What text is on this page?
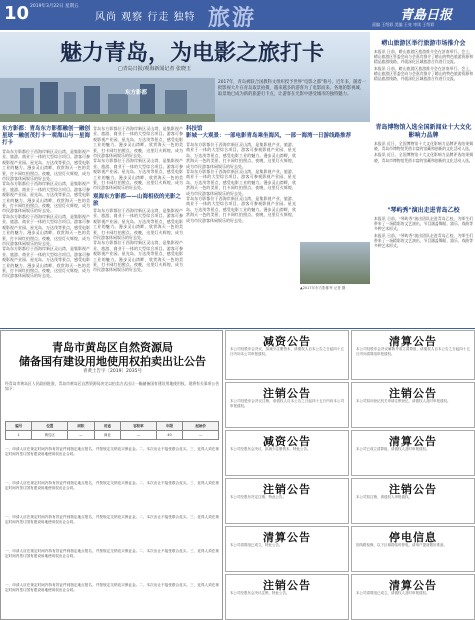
10 2019年3月22日 星期五
风尚 观察 行走 独特 旅游	青島日报
责编 王绍彩 美编 王亮 审读 王绍彩
魅力青岛，为电影之旅打卡
□青岛日报/观海新闻记者 张晓玉
东方影都

2017年，青岛被联合国教科文组织授予世界"电影之都"称号。近年来，随着一批影视大片在青岛取景拍摄，越来越多的游客为了电影而来。各地的影视城、取景地已成为新的旅游打卡点，让游客在光影中感受城市的独特魅力。

东方影都：青岛东方影都融创一融创星球一融创茂打卡一观海山与一星海打卡

青岛东方影都位于西海岸新区灵山湾，是集影视产业、旅游、商业于一体的大型综合项目。游客可参观影视产业园、星光岛、万达茂等景点，感受电影工业的魅力。漫步灵山湾畔，欣赏海天一色的美景，打卡网红拍照点。夜晚，这里灯火辉煌，成为市民游客休闲娱乐的好去处。

青岛东方影都位于西海岸新区灵山湾，是集影视产业、旅游、商业于一体的大型综合项目。游客可参观影视产业园、星光岛、万达茂等景点，感受电影工业的魅力。漫步灵山湾畔，欣赏海天一色的美景，打卡网红拍照点。夜晚，这里灯火辉煌，成为市民游客休闲娱乐的好去处。

青岛东方影都位于西海岸新区灵山湾，是集影视产业、旅游、商业于一体的大型综合项目。游客可参观影视产业园、星光岛、万达茂等景点，感受电影工业的魅力。漫步灵山湾畔，欣赏海天一色的美景，打卡网红拍照点。夜晚，这里灯火辉煌，成为市民游客休闲娱乐的好去处。

青岛东方影都位于西海岸新区灵山湾，是集影视产业、旅游、商业于一体的大型综合项目。游客可参观影视产业园、星光岛、万达茂等景点，感受电影工业的魅力。漫步灵山湾畔，欣赏海天一色的美景，打卡网红拍照点。夜晚，这里灯火辉煌，成为市民游客休闲娱乐的好去处。

青岛东方影都位于西海岸新区灵山湾，是集影视产业、旅游、商业于一体的大型综合项目。游客可参观影视产业园、星光岛、万达茂等景点，感受电影工业的魅力。漫步灵山湾畔，欣赏海天一色的美景，打卡网红拍照点。夜晚，这里灯火辉煌，成为市民游客休闲娱乐的好去处。

青岛东方影都位于西海岸新区灵山湾，是集影视产业、旅游、商业于一体的大型综合项目。游客可参观影视产业园、星光岛、万达茂等景点，感受电影工业的魅力。漫步灵山湾畔，欣赏海天一色的美景，打卡网红拍照点。夜晚，这里灯火辉煌，成为市民游客休闲娱乐的好去处。

观海东方影都——山海相依的光影之旅

青岛东方影都位于西海岸新区灵山湾，是集影视产业、旅游、商业于一体的大型综合项目。游客可参观影视产业园、星光岛、万达茂等景点，感受电影工业的魅力。漫步灵山湾畔，欣赏海天一色的美景，打卡网红拍照点。夜晚，这里灯火辉煌，成为市民游客休闲娱乐的好去处。

青岛东方影都位于西海岸新区灵山湾，是集影视产业、旅游、商业于一体的大型综合项目。游客可参观影视产业园、星光岛、万达茂等景点，感受电影工业的魅力。漫步灵山湾畔，欣赏海天一色的美景，打卡网红拍照点。夜晚，这里灯火辉煌，成为市民游客休闲娱乐的好去处。

科技馆
影城一大观景：一部电影青岛乘坐海风，一部一海湾一日游线路推荐

青岛东方影都位于西海岸新区灵山湾，是集影视产业、旅游、商业于一体的大型综合项目。游客可参观影视产业园、星光岛、万达茂等景点，感受电影工业的魅力。漫步灵山湾畔，欣赏海天一色的美景，打卡网红拍照点。夜晚，这里灯火辉煌，成为市民游客休闲娱乐的好去处。

青岛东方影都位于西海岸新区灵山湾，是集影视产业、旅游、商业于一体的大型综合项目。游客可参观影视产业园、星光岛、万达茂等景点，感受电影工业的魅力。漫步灵山湾畔，欣赏海天一色的美景，打卡网红拍照点。夜晚，这里灯火辉煌，成为市民游客休闲娱乐的好去处。

青岛东方影都位于西海岸新区灵山湾，是集影视产业、旅游、商业于一体的大型综合项目。游客可参观影视产业园、星光岛、万达茂等景点，感受电影工业的魅力。漫步灵山湾畔，欣赏海天一色的美景，打卡网红拍照点。夜晚，这里灯火辉煌，成为市民游客休闲娱乐的好去处。

▲2017年东方影都秀 记者 摄
崂山旅游区举行旅游市场推介会

本报讯 日前，崂山旅游区旅游推介会在济南举行。会上，崂山旅游区管委会向与会嘉宾推介了崂山的特色旅游资源和精品旅游线路，并就深化区域旅游合作进行交流。

本报讯 日前，崂山旅游区旅游推介会在济南举行。会上，崂山旅游区管委会向与会嘉宾推介了崂山的特色旅游资源和精品旅游线路，并就深化区域旅游合作进行交流。

青岛博物馆入选全国新闻业十大文化影响力品牌

本报讯 近日，全国博物馆十大文化影响力品牌评选结果揭晓，青岛市博物馆凭借丰富的馆藏和创新的文化活动入选。

本报讯 近日，全国博物馆十大文化影响力品牌评选结果揭晓，青岛市博物馆凭借丰富的馆藏和创新的文化活动入选。

"琴屿秀"演出走进青岛乙校

本报讯 日前，"琴屿秀"演出团队走进青岛乙校，为师生们带来了一场精彩的文艺演出，节目涵盖舞蹈、器乐、戏曲等多种艺术形式。

本报讯 日前，"琴屿秀"演出团队走进青岛乙校，为师生们带来了一场精彩的文艺演出，节目涵盖舞蹈、器乐、戏曲等多种艺术形式。

青岛市黄岛区自然资源局
储备国有建设用地使用权拍卖出让公告
青黄土告字〔2019〕2035号

经青岛市黄岛区人民政府批准，青岛市黄岛区自然资源局决定以拍卖方式出让一幅储备国有建设用地使用权。现将有关事项公告如下：

编号	位置	面积	用途	容积率	年限	起始价
1	黄岛区	—	商业	—	40	—

一、申请人应在规定时间内持有效证件到指定地点报名，并按规定交纳竞买保证金。二、本次出让不接受联合竞买。三、竞得人须在规定时间内签订国有建设用地使用权出让合同。

一、申请人应在规定时间内持有效证件到指定地点报名，并按规定交纳竞买保证金。二、本次出让不接受联合竞买。三、竞得人须在规定时间内签订国有建设用地使用权出让合同。

一、申请人应在规定时间内持有效证件到指定地点报名，并按规定交纳竞买保证金。二、本次出让不接受联合竞买。三、竞得人须在规定时间内签订国有建设用地使用权出让合同。

一、申请人应在规定时间内持有效证件到指定地点报名，并按规定交纳竞买保证金。二、本次出让不接受联合竞买。三、竞得人须在规定时间内签订国有建设用地使用权出让合同。

一、申请人应在规定时间内持有效证件到指定地点报名，并按规定交纳竞买保证金。二、本次出让不接受联合竞买。三、竞得人须在规定时间内签订国有建设用地使用权出让合同。

减资公告
本公司经股东会决议，拟减少注册资本，请债权人自本公告之日起四十五日内向本公司申报债权。
清算公告
本公司经股东会决议解散并成立清算组，请债权人自本公告之日起四十五日内向清算组申报债权。
注销公告
本公司经股东会决议注销，请债权人自本公告之日起四十五日内向本公司申报债权。
注销公告
本公司拟向登记机关申请注销登记，请债权人及时申报债权。
减资公告
本公司经股东会决议，拟减少注册资本，特此公告。
清算公告
本公司已成立清算组，请债权人及时申报债权。
注销公告
本公司经股东决定注销，特此公告。
注销公告
本公司拟注销，请债权人申报债权。
清算公告
本公司清算组已成立，特此公告。
停电信息
因线路检修，以下区域将临时停电，请用户提前做好准备。
注销公告
本公司经股东会决议注销，特此公告。
清算公告
本公司清算组已成立，请债权人及时申报债权。
